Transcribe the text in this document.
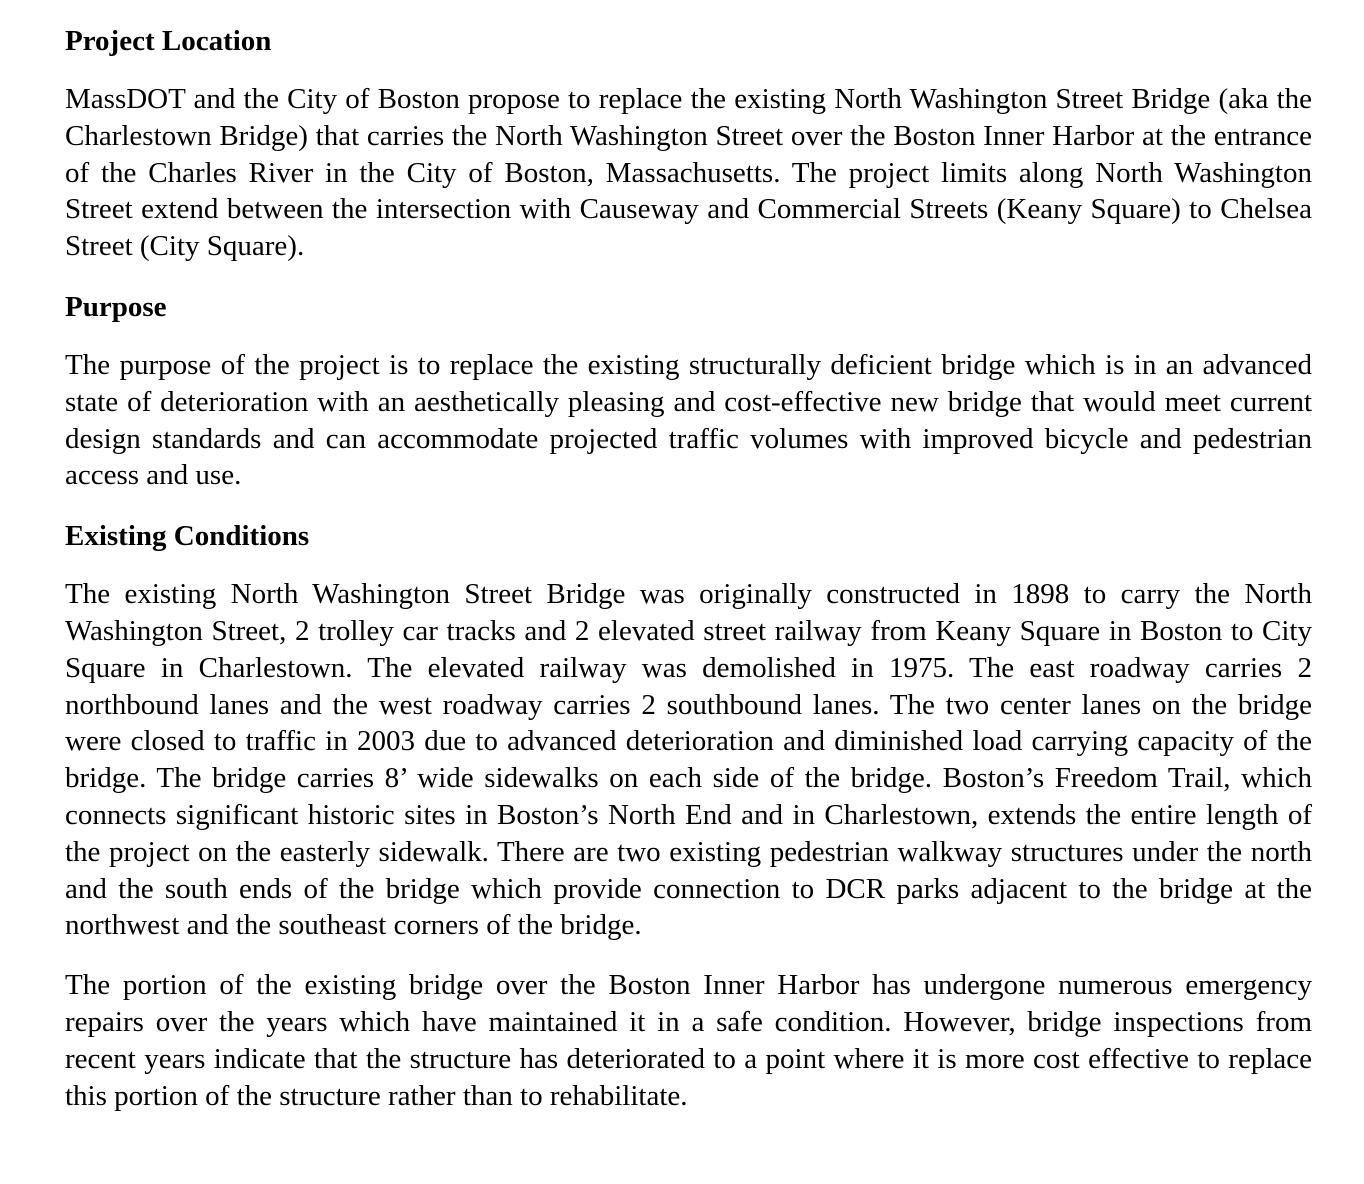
Project Location

MassDOT and the City of Boston propose to replace the existing North Washington Street Bridge (aka the Charlestown Bridge) that carries the North Washington Street over the Boston Inner Harbor at the entrance of the Charles River in the City of Boston, Massachusetts. The project limits along North Washington Street extend between the intersection with Causeway and Commercial Streets (Keany Square) to Chelsea Street (City Square).

Purpose

The purpose of the project is to replace the existing structurally deficient bridge which is in an advanced state of deterioration with an aesthetically pleasing and cost-effective new bridge that would meet current design standards and can accommodate projected traffic volumes with improved bicycle and pedestrian access and use.

Existing Conditions

The existing North Washington Street Bridge was originally constructed in 1898 to carry the North Washington Street, 2 trolley car tracks and 2 elevated street railway from Keany Square in Boston to City Square in Charlestown. The elevated railway was demolished in 1975. The east roadway carries 2 northbound lanes and the west roadway carries 2 southbound lanes. The two center lanes on the bridge were closed to traffic in 2003 due to advanced deterioration and diminished load carrying capacity of the bridge. The bridge carries 8’ wide sidewalks on each side of the bridge. Boston’s Freedom Trail, which connects significant historic sites in Boston’s North End and in Charlestown, extends the entire length of the project on the easterly sidewalk. There are two existing pedestrian walkway structures under the north and the south ends of the bridge which provide connection to DCR parks adjacent to the bridge at the northwest and the southeast corners of the bridge.

The portion of the existing bridge over the Boston Inner Harbor has undergone numerous emergency repairs over the years which have maintained it in a safe condition. However, bridge inspections from recent years indicate that the structure has deteriorated to a point where it is more cost effective to replace this portion of the structure rather than to rehabilitate.
